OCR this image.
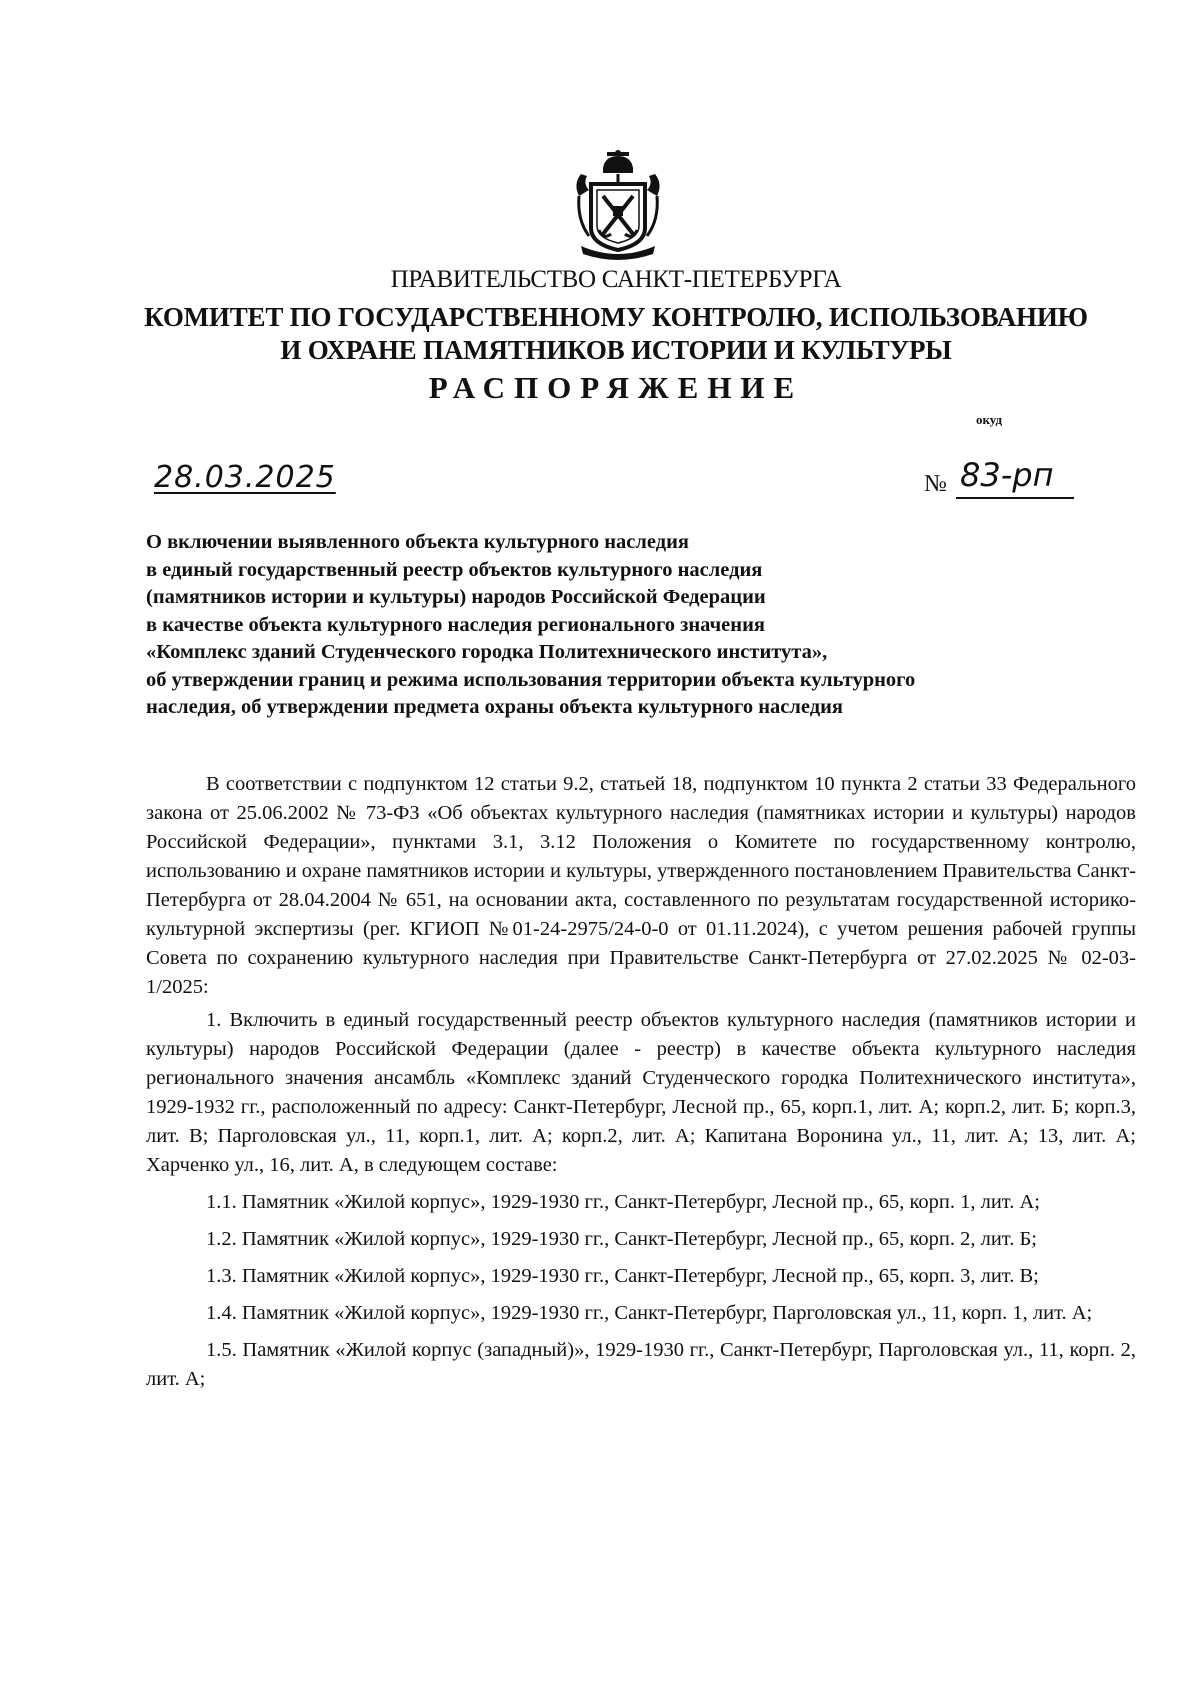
ПРАВИТЕЛЬСТВО САНКТ-ПЕТЕРБУРГА
КОМИТЕТ ПО ГОСУДАРСТВЕННОМУ КОНТРОЛЮ, ИСПОЛЬЗОВАНИЮ
И ОХРАНЕ ПАМЯТНИКОВ ИСТОРИИ И КУЛЬТУРЫ
РАСПОРЯЖЕНИЕ
окуд
28.03.2025	№ 83-рп
О включении выявленного объекта культурного наследия
в единый государственный реестр объектов культурного наследия
(памятников истории и культуры) народов Российской Федерации
в качестве объекта культурного наследия регионального значения
«Комплекс зданий Студенческого городка Политехнического института»,
об утверждении границ и режима использования территории объекта культурного
наследия, об утверждении предмета охраны объекта культурного наследия

В соответствии с подпунктом 12 статьи 9.2, статьей 18, подпунктом 10 пункта 2 статьи 33 Федерального закона от 25.06.2002 № 73-ФЗ «Об объектах культурного наследия (памятниках истории и культуры) народов Российской Федерации», пунктами 3.1, 3.12 Положения о Комитете по государственному контролю, использованию и охране памятников истории и культуры, утвержденного постановлением Правительства Санкт-Петербурга от 28.04.2004 № 651, на основании акта, составленного по результатам государственной историко-культурной экспертизы (рег. КГИОП №01-24-2975/24-0-0 от 01.11.2024), с учетом решения рабочей группы Совета по сохранению культурного наследия при Правительстве Санкт-Петербурга от 27.02.2025 № 02-03-1/2025:

1. Включить в единый государственный реестр объектов культурного наследия (памятников истории и культуры) народов Российской Федерации (далее - реестр) в качестве объекта культурного наследия регионального значения ансамбль «Комплекс зданий Студенческого городка Политехнического института», 1929-1932 гг., расположенный по адресу: Санкт-Петербург, Лесной пр., 65, корп.1, лит. А; корп.2, лит. Б; корп.3, лит. В; Парголовская ул., 11, корп.1, лит. А; корп.2, лит. А; Капитана Воронина ул., 11, лит. А; 13, лит. А; Харченко ул., 16, лит. А, в следующем составе:

1.1. Памятник «Жилой корпус», 1929-1930 гг., Санкт-Петербург, Лесной пр., 65, корп. 1, лит. А;

1.2. Памятник «Жилой корпус», 1929-1930 гг., Санкт-Петербург, Лесной пр., 65, корп. 2, лит. Б;

1.3. Памятник «Жилой корпус», 1929-1930 гг., Санкт-Петербург, Лесной пр., 65, корп. 3, лит. В;

1.4. Памятник «Жилой корпус», 1929-1930 гг., Санкт-Петербург, Парголовская ул., 11, корп. 1, лит. А;

1.5. Памятник «Жилой корпус (западный)», 1929-1930 гг., Санкт-Петербург, Парголовская ул., 11, корп. 2, лит. А;
